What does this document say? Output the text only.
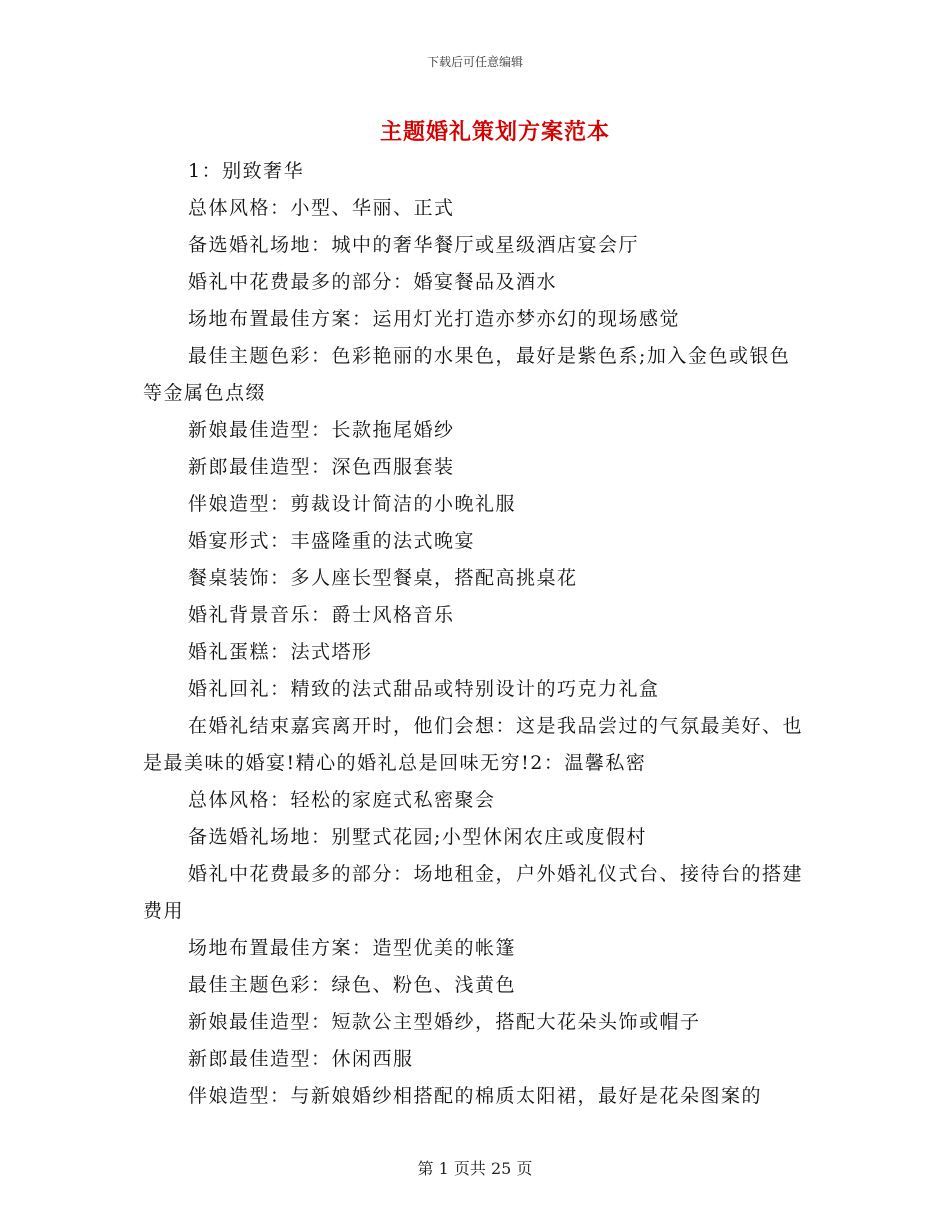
下载后可任意编辑
主题婚礼策划方案范本

1：别致奢华

总体风格：小型、华丽、正式

备选婚礼场地：城中的奢华餐厅或星级酒店宴会厅

婚礼中花费最多的部分：婚宴餐品及酒水

场地布置最佳方案：运用灯光打造亦梦亦幻的现场感觉

最佳主题色彩：色彩艳丽的水果色，最好是紫色系;加入金色或银色等金属色点缀

新娘最佳造型：长款拖尾婚纱

新郎最佳造型：深色西服套装

伴娘造型：剪裁设计简洁的小晚礼服

婚宴形式：丰盛隆重的法式晚宴

餐桌装饰：多人座长型餐桌，搭配高挑桌花

婚礼背景音乐：爵士风格音乐

婚礼蛋糕：法式塔形

婚礼回礼：精致的法式甜品或特别设计的巧克力礼盒

在婚礼结束嘉宾离开时，他们会想：这是我品尝过的气氛最美好、也是最美味的婚宴!精心的婚礼总是回味无穷!2：温馨私密

总体风格：轻松的家庭式私密聚会

备选婚礼场地：别墅式花园;小型休闲农庄或度假村

婚礼中花费最多的部分：场地租金，户外婚礼仪式台、接待台的搭建费用

场地布置最佳方案：造型优美的帐篷

最佳主题色彩：绿色、粉色、浅黄色

新娘最佳造型：短款公主型婚纱，搭配大花朵头饰或帽子

新郎最佳造型：休闲西服

伴娘造型：与新娘婚纱相搭配的棉质太阳裙，最好是花朵图案的

第 1 页共 25 页
